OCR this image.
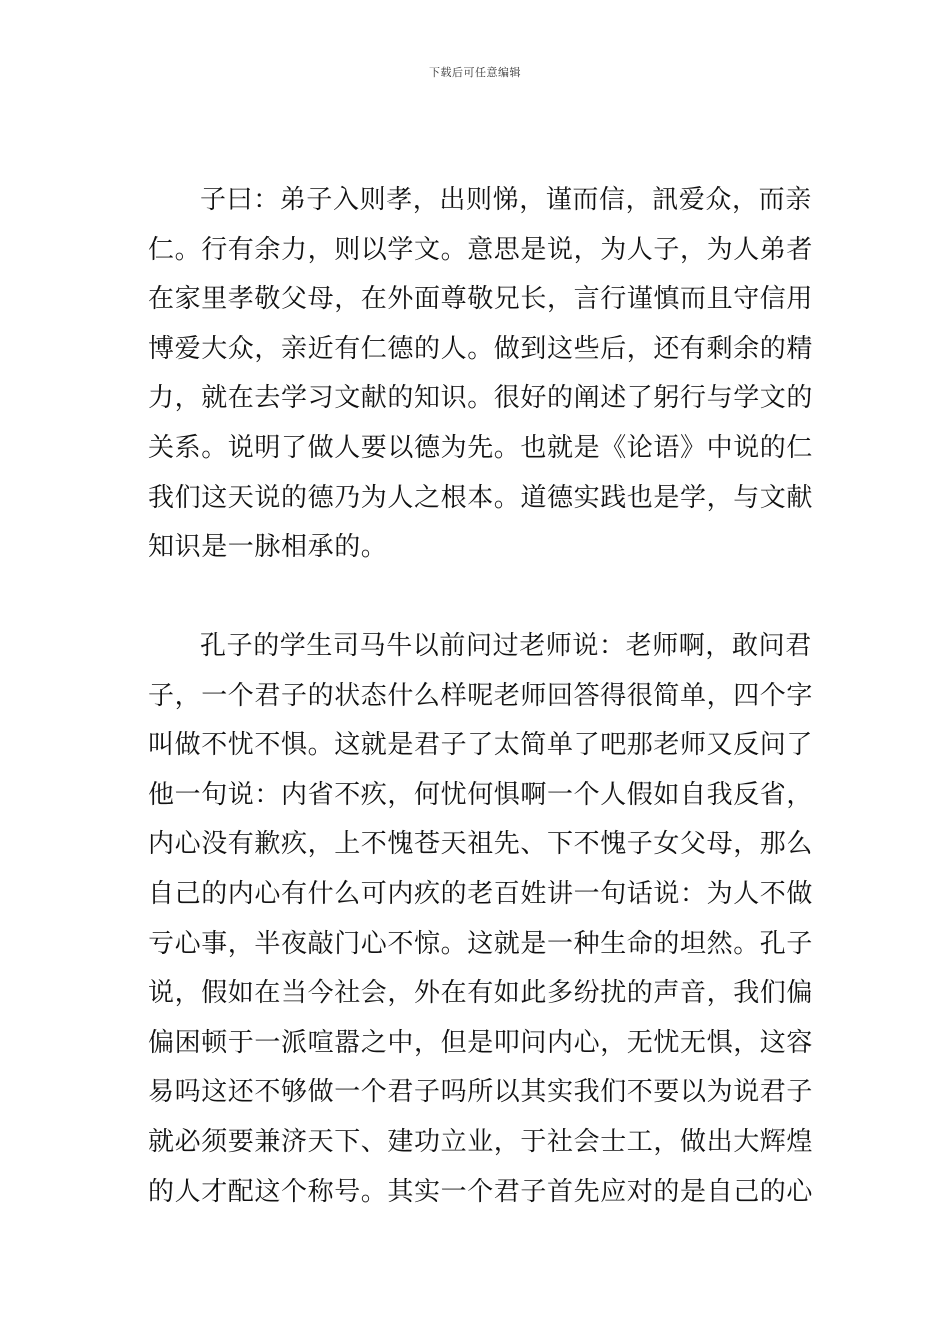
下载后可任意编辑
子曰：弟子入则孝，出则悌，谨而信，訊爱众，而亲
仁。行有余力，则以学文。意思是说，为人子，为人弟者
在家里孝敬父母，在外面尊敬兄长，言行谨慎而且守信用
博爱大众，亲近有仁德的人。做到这些后，还有剩余的精
力，就在去学习文献的知识。很好的阐述了躬行与学文的
关系。说明了做人要以德为先。也就是《论语》中说的仁
我们这天说的德乃为人之根本。道德实践也是学，与文献
知识是一脉相承的。
孔子的学生司马牛以前问过老师说：老师啊，敢问君
子，一个君子的状态什么样呢老师回答得很简单，四个字
叫做不忧不惧。这就是君子了太简单了吧那老师又反问了
他一句说：内省不疚，何忧何惧啊一个人假如自我反省，
内心没有歉疚，上不愧苍天祖先、下不愧子女父母，那么
自己的内心有什么可内疚的老百姓讲一句话说：为人不做
亏心事，半夜敲门心不惊。这就是一种生命的坦然。孔子
说，假如在当今社会，外在有如此多纷扰的声音，我们偏
偏困顿于一派喧嚣之中，但是叩问内心，无忧无惧，这容
易吗这还不够做一个君子吗所以其实我们不要以为说君子
就必须要兼济天下、建功立业，于社会士工，做出大辉煌
的人才配这个称号。其实一个君子首先应对的是自己的心
